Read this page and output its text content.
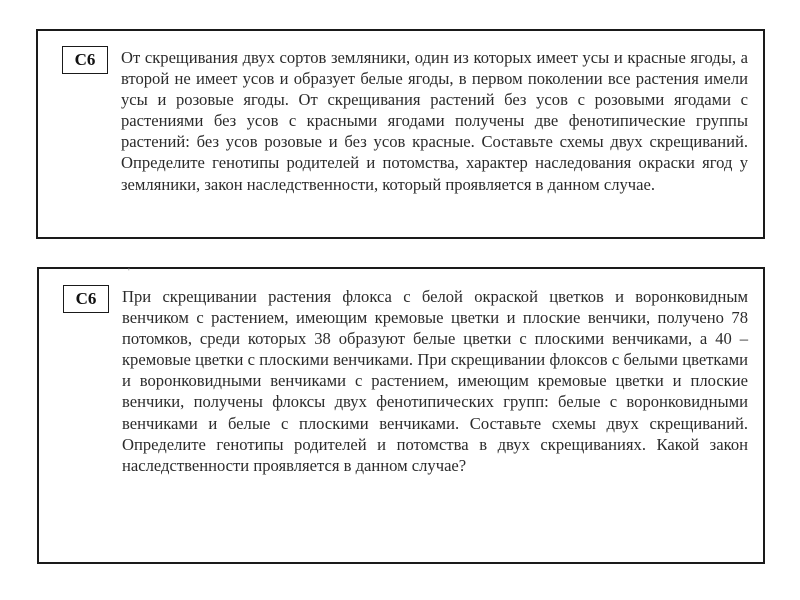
С6	От скрещивания двух сортов земляники, один из которых имеет усы и красные ягоды, а второй не имеет усов и образует белые ягоды, в первом поколении все растения имели усы и розовые ягоды. От скрещивания растений без усов с розовыми ягодами с растениями без усов с красными ягодами получены две фенотипические группы растений: без усов розовые и без усов красные. Составьте схемы двух скрещиваний. Определите генотипы родителей и потомства, характер наследования окраски ягод у земляники, закон наследственности, который проявляется в данном случае.

'
С6	При скрещивании растения флокса с белой окраской цветков и воронковидным венчиком с растением, имеющим кремовые цветки и плоские венчики, получено 78 потомков, среди которых 38 образуют белые цветки с плоскими венчиками, а 40 – кремовые цветки с плоскими венчиками. При скрещивании флоксов с белыми цветками и воронковидными венчиками с растением, имеющим кремовые цветки и плоские венчики, получены флоксы двух фенотипических групп: белые с воронковидными венчиками и белые с плоскими венчиками. Составьте схемы двух скрещиваний. Определите генотипы родителей и потомства в двух скрещиваниях. Какой закон наследственности проявляется в данном случае?
